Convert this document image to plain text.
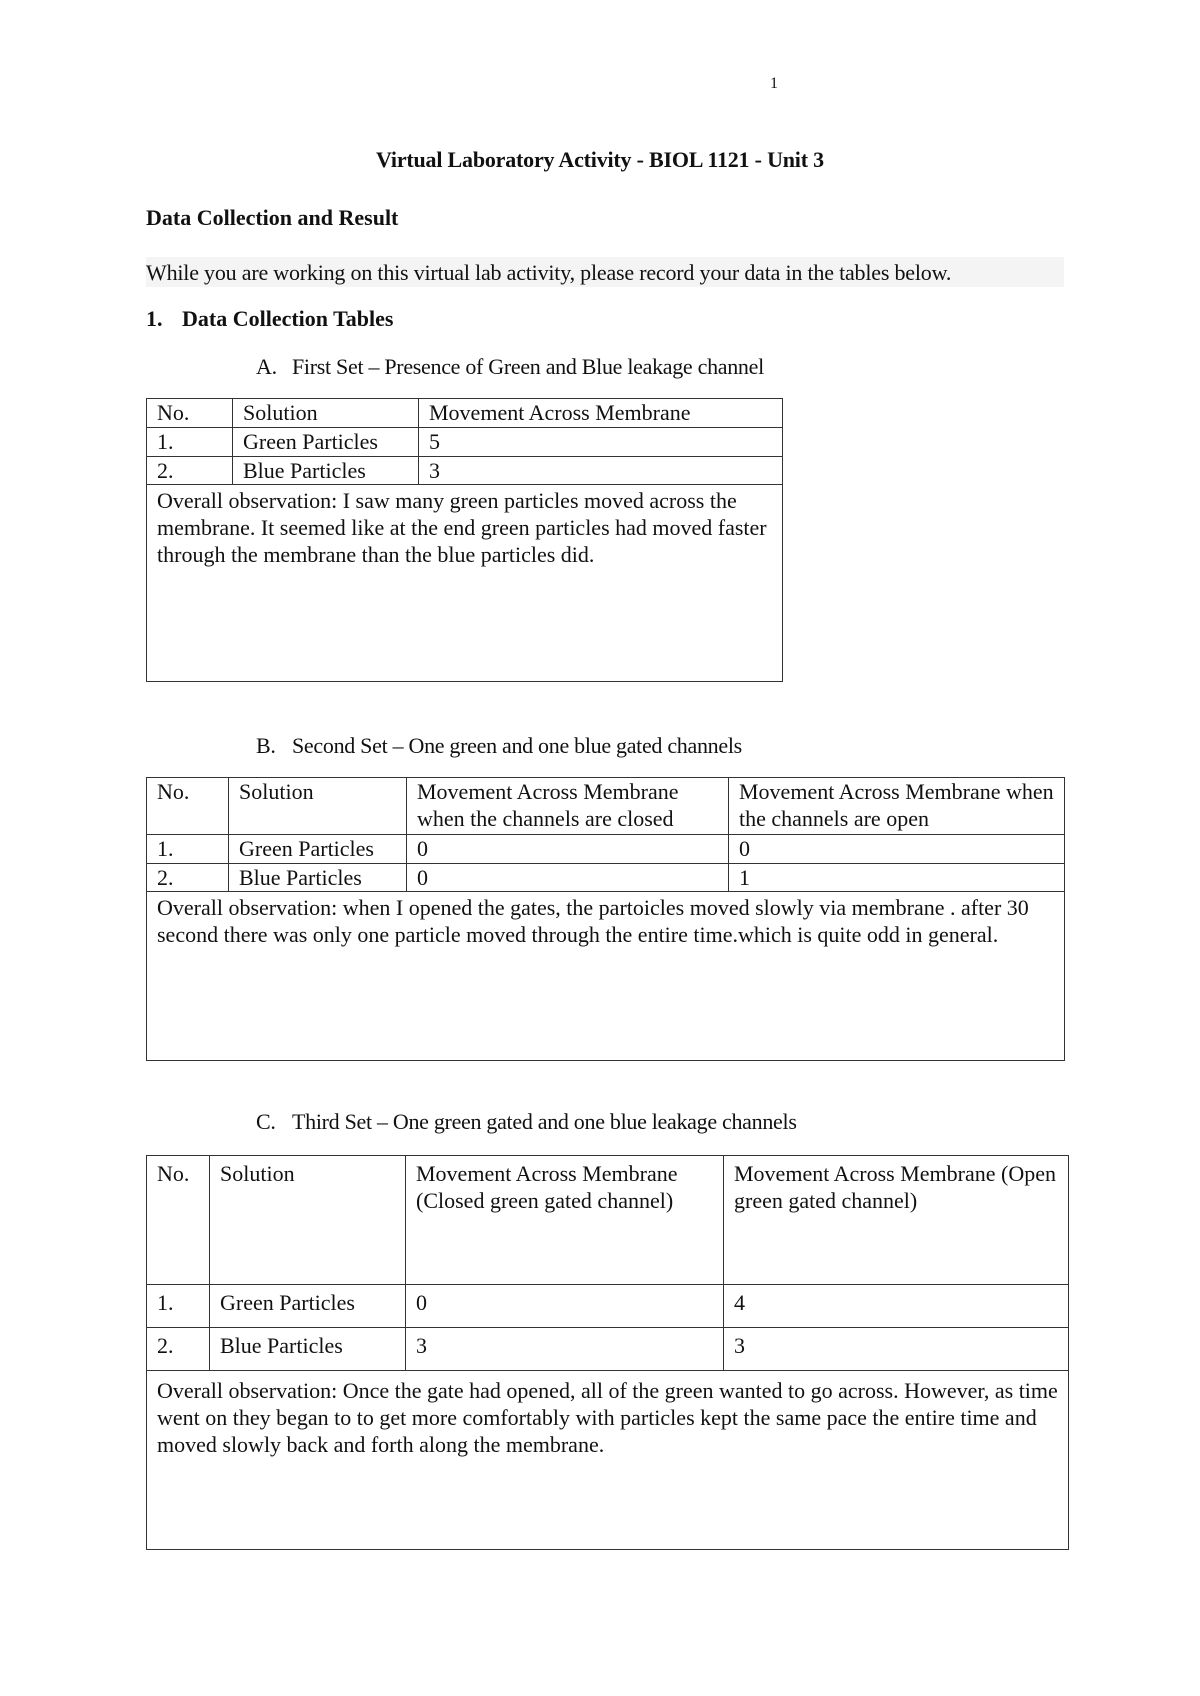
1
Virtual Laboratory Activity - BIOL 1121 - Unit 3
Data Collection and Result
While you are working on this virtual lab activity, please record your data in the tables below.
1. Data Collection Tables
A. First Set – Presence of Green and Blue leakage channel
No.	Solution	Movement Across Membrane
1.	Green Particles	5
2.	Blue Particles	3
Overall observation: I saw many green particles moved across the membrane. It seemed like at the end green particles had moved faster through the membrane than the blue particles did.		
B. Second Set – One green and one blue gated channels
No.	Solution	Movement Across Membrane when the channels are closed	Movement Across Membrane when the channels are open
1.	Green Particles	0	0
2.	Blue Particles	0	1
Overall observation: when I opened the gates, the partoicles moved slowly via membrane . after 30 second there was only one particle moved through the entire time.which is quite odd in general.			
C. Third Set – One green gated and one blue leakage channels
No.	Solution	Movement Across Membrane (Closed green gated channel)	Movement Across Membrane (Open green gated channel)
1.	Green Particles	0	4
2.	Blue Particles	3	3
Overall observation: Once the gate had opened, all of the green wanted to go across. However, as time went on they began to to get more comfortably with particles kept the same pace the entire time and moved slowly back and forth along the membrane.			
